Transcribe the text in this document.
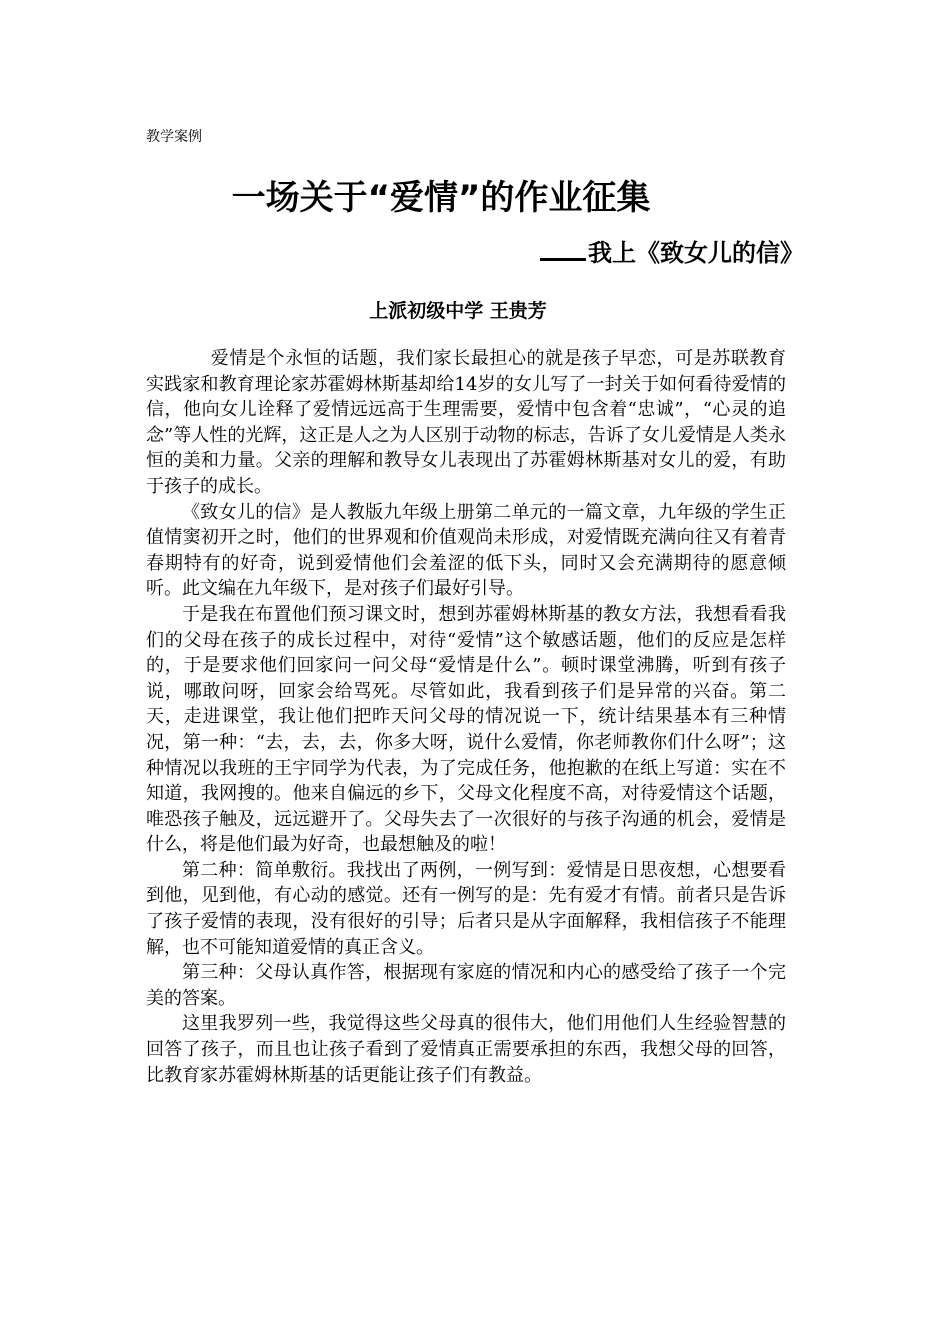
教学案例

一场关于“爱情”的作业征集
我上《致女儿的信》
上派初级中学 王贵芳

爱情是个永恒的话题，我们家长最担心的就是孩子早恋，可是苏联教育实践家和教育理论家苏霍姆林斯基却给14岁的女儿写了一封关于如何看待爱情的信，他向女儿诠释了爱情远远高于生理需要，爱情中包含着“忠诚”，“心灵的追念”等人性的光辉，这正是人之为人区别于动物的标志，告诉了女儿爱情是人类永恒的美和力量。父亲的理解和教导女儿表现出了苏霍姆林斯基对女儿的爱，有助于孩子的成长。

《致女儿的信》是人教版九年级上册第二单元的一篇文章，九年级的学生正值情窦初开之时，他们的世界观和价值观尚未形成，对爱情既充满向往又有着青春期特有的好奇，说到爱情他们会羞涩的低下头，同时又会充满期待的愿意倾听。此文编在九年级下，是对孩子们最好引导。

于是我在布置他们预习课文时，想到苏霍姆林斯基的教女方法，我想看看我们的父母在孩子的成长过程中，对待“爱情”这个敏感话题，他们的反应是怎样的，于是要求他们回家问一问父母“爱情是什么”。顿时课堂沸腾，听到有孩子说，哪敢问呀，回家会给骂死。尽管如此，我看到孩子们是异常的兴奋。第二天，走进课堂，我让他们把昨天问父母的情况说一下，统计结果基本有三种情况，第一种：“去，去，去，你多大呀，说什么爱情，你老师教你们什么呀”；这种情况以我班的王宇同学为代表，为了完成任务，他抱歉的在纸上写道：实在不知道，我网搜的。他来自偏远的乡下，父母文化程度不高，对待爱情这个话题，唯恐孩子触及，远远避开了。父母失去了一次很好的与孩子沟通的机会，爱情是什么，将是他们最为好奇，也最想触及的啦！

第二种：简单敷衍。我找出了两例，一例写到：爱情是日思夜想，心想要看到他，见到他，有心动的感觉。还有一例写的是：先有爱才有情。前者只是告诉了孩子爱情的表现，没有很好的引导；后者只是从字面解释，我相信孩子不能理解，也不可能知道爱情的真正含义。

第三种：父母认真作答，根据现有家庭的情况和内心的感受给了孩子一个完美的答案。

这里我罗列一些，我觉得这些父母真的很伟大，他们用他们人生经验智慧的回答了孩子，而且也让孩子看到了爱情真正需要承担的东西，我想父母的回答，比教育家苏霍姆林斯基的话更能让孩子们有教益。
